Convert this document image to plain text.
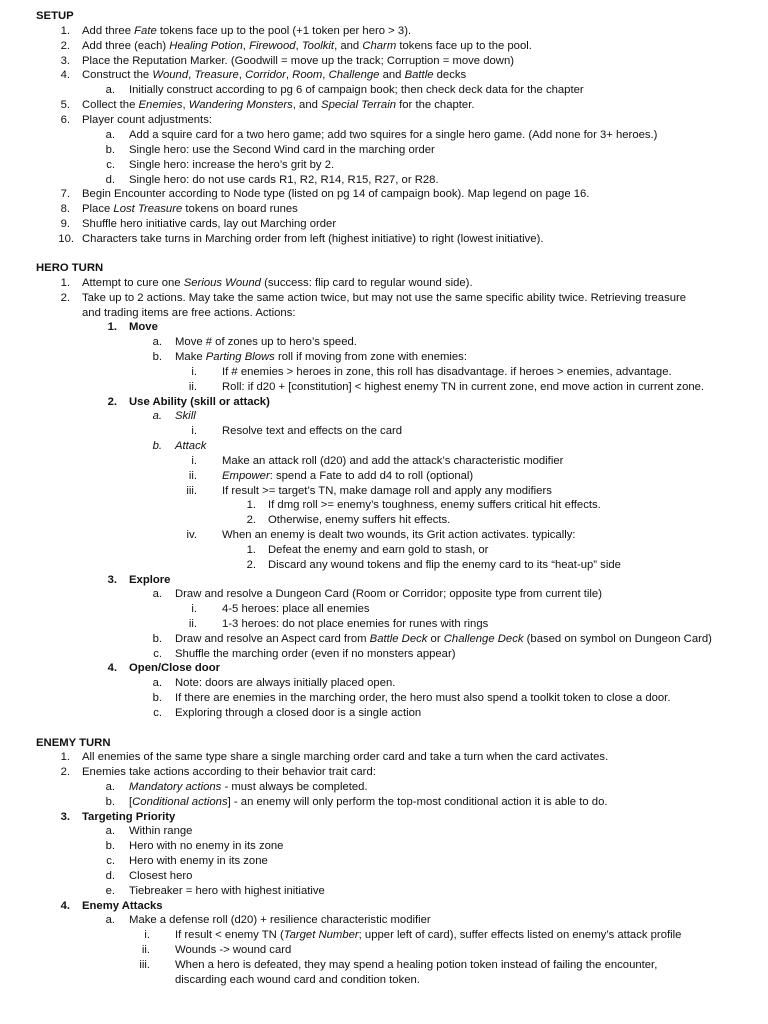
SETUP
1. Add three Fate tokens face up to the pool (+1 token per hero > 3).
2. Add three (each) Healing Potion, Firewood, Toolkit, and Charm tokens face up to the pool.
3. Place the Reputation Marker. (Goodwill = move up the track; Corruption = move down)
4. Construct the Wound, Treasure, Corridor, Room, Challenge and Battle decks
a. Initially construct according to pg 6 of campaign book; then check deck data for the chapter
5. Collect the Enemies, Wandering Monsters, and Special Terrain for the chapter.
6. Player count adjustments:
a. Add a squire card for a two hero game; add two squires for a single hero game. (Add none for 3+ heroes.)
b. Single hero: use the Second Wind card in the marching order
c. Single hero: increase the hero’s grit by 2.
d. Single hero: do not use cards R1, R2, R14, R15, R27, or R28.
7. Begin Encounter according to Node type (listed on pg 14 of campaign book). Map legend on page 16.
8. Place Lost Treasure tokens on board runes
9. Shuffle hero initiative cards, lay out Marching order
10. Characters take turns in Marching order from left (highest initiative) to right (lowest initiative).
HERO TURN
1. Attempt to cure one Serious Wound (success: flip card to regular wound side).
2. Take up to 2 actions. May take the same action twice, but may not use the same specific ability twice. Retrieving treasure
and trading items are free actions. Actions:
1. Move
a. Move # of zones up to hero’s speed.
b. Make Parting Blows roll if moving from zone with enemies:
i. If # enemies > heroes in zone, this roll has disadvantage. if heroes > enemies, advantage.
ii. Roll: if d20 + [constitution] < highest enemy TN in current zone, end move action in current zone.
2. Use Ability (skill or attack)
a. Skill
i. Resolve text and effects on the card
b. Attack
i. Make an attack roll (d20) and add the attack’s characteristic modifier
ii. Empower: spend a Fate to add d4 to roll (optional)
iii. If result >= target’s TN, make damage roll and apply any modifiers
1. If dmg roll >= enemy’s toughness, enemy suffers critical hit effects.
2. Otherwise, enemy suffers hit effects.
iv. When an enemy is dealt two wounds, its Grit action activates. typically:
1. Defeat the enemy and earn gold to stash, or
2. Discard any wound tokens and flip the enemy card to its “heat-up” side
3. Explore
a. Draw and resolve a Dungeon Card (Room or Corridor; opposite type from current tile)
i. 4-5 heroes: place all enemies
ii. 1-3 heroes: do not place enemies for runes with rings
b. Draw and resolve an Aspect card from Battle Deck or Challenge Deck (based on symbol on Dungeon Card)
c. Shuffle the marching order (even if no monsters appear)
4. Open/Close door
a. Note: doors are always initially placed open.
b. If there are enemies in the marching order, the hero must also spend a toolkit token to close a door.
c. Exploring through a closed door is a single action
ENEMY TURN
1. All enemies of the same type share a single marching order card and take a turn when the card activates.
2. Enemies take actions according to their behavior trait card:
a. Mandatory actions - must always be completed.
b. [Conditional actions] - an enemy will only perform the top-most conditional action it is able to do.
3. Targeting Priority
a. Within range
b. Hero with no enemy in its zone
c. Hero with enemy in its zone
d. Closest hero
e. Tiebreaker = hero with highest initiative
4. Enemy Attacks
a. Make a defense roll (d20) + resilience characteristic modifier
i. If result < enemy TN (Target Number; upper left of card), suffer effects listed on enemy’s attack profile
ii. Wounds -> wound card
iii. When a hero is defeated, they may spend a healing potion token instead of failing the encounter,
discarding each wound card and condition token.
